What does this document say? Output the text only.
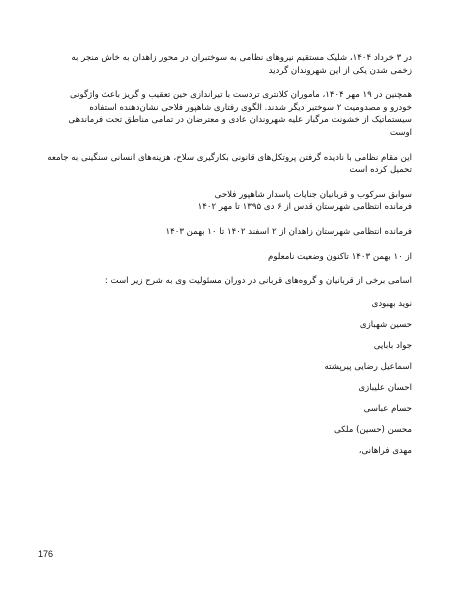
در ۳ خرداد ۱۴۰۴، شلیک مستقیم نیروهای نظامی به سوختبران در محور زاهدان به خاش منجر به
زخمی شدن یکی از این شهروندان گردید

همچنین در ۱۹ مهر ۱۴۰۴، ماموران کلانتری تردست با تیراندازی حین تعقیب و گریز باعث واژگونی
خودرو و مصدومیت ۲ سوختبر دیگر شدند. الگوی رفتاری شاهپور فلاحی نشان‌دهنده استفاده
سیستماتیک از خشونت مرگبار علیه شهروندان عادی و معترضان در تمامی مناطق تحت فرماندهی
اوست

این مقام نظامی با نادیده گرفتن پروتکل‌های قانونی بکارگیری سلاح، هزینه‌های انسانی سنگینی به جامعه
تحمیل کرده است

سوابق سرکوب و قربانیان جنایات پاسدار شاهپور فلاحی
فرمانده انتظامی شهرستان قدس از ۶ دی ۱۳۹۵ تا مهر ۱۴۰۲

فرمانده انتظامی شهرستان زاهدان از ۲ اسفند ۱۴۰۲ تا ۱۰ بهمن ۱۴۰۳

از ۱۰ بهمن ۱۴۰۳ تاکنون وضعیت نامعلوم

اسامی برخی از قربانیان و گروه‌های قربانی در دوران مسئولیت وی به شرح زیر است :

نوید بهبودی
حسین شهبازی
جواد بابایی
اسماعیل رضایی پیرپشته
احسان علیبازی
حسام عباسی
محسن (حسین) ملکی
مهدی فراهانی،
176
